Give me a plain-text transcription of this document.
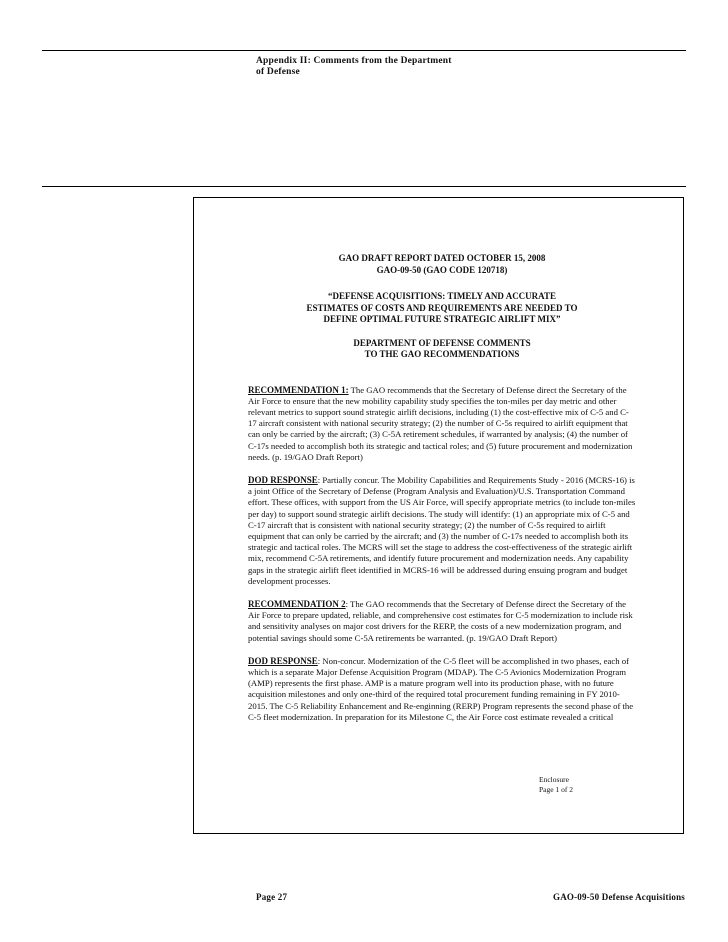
Appendix II: Comments from the Department
of Defense
GAO DRAFT REPORT DATED OCTOBER 15, 2008
GAO-09-50 (GAO CODE 120718)
“DEFENSE ACQUISITIONS: TIMELY AND ACCURATE
ESTIMATES OF COSTS AND REQUIREMENTS ARE NEEDED TO
DEFINE OPTIMAL FUTURE STRATEGIC AIRLIFT MIX”
DEPARTMENT OF DEFENSE COMMENTS
TO THE GAO RECOMMENDATIONS
RECOMMENDATION 1: The GAO recommends that the Secretary of Defense direct the Secretary of the Air Force to ensure that the new mobility capability study specifies the ton-miles per day metric and other relevant metrics to support sound strategic airlift decisions, including (1) the cost-effective mix of C-5 and C-17 aircraft consistent with national security strategy; (2) the number of C-5s required to airlift equipment that can only be carried by the aircraft; (3) C-5A retirement schedules, if warranted by analysis; (4) the number of C-17s needed to accomplish both its strategic and tactical roles; and (5) future procurement and modernization needs. (p. 19/GAO Draft Report)
DOD RESPONSE: Partially concur. The Mobility Capabilities and Requirements Study - 2016 (MCRS-16) is a joint Office of the Secretary of Defense (Program Analysis and Evaluation)/U.S. Transportation Command effort. These offices, with support from the US Air Force, will specify appropriate metrics (to include ton-miles per day) to support sound strategic airlift decisions. The study will identify: (1) an appropriate mix of C-5 and C-17 aircraft that is consistent with national security strategy; (2) the number of C-5s required to airlift equipment that can only be carried by the aircraft; and (3) the number of C-17s needed to accomplish both its strategic and tactical roles. The MCRS will set the stage to address the cost-effectiveness of the strategic airlift mix, recommend C-5A retirements, and identify future procurement and modernization needs. Any capability gaps in the strategic airlift fleet identified in MCRS-16 will be addressed during ensuing program and budget development processes.
RECOMMENDATION 2: The GAO recommends that the Secretary of Defense direct the Secretary of the Air Force to prepare updated, reliable, and comprehensive cost estimates for C-5 modernization to include risk and sensitivity analyses on major cost drivers for the RERP, the costs of a new modernization program, and potential savings should some C-5A retirements be warranted. (p. 19/GAO Draft Report)
DOD RESPONSE: Non-concur. Modernization of the C-5 fleet will be accomplished in two phases, each of which is a separate Major Defense Acquisition Program (MDAP). The C-5 Avionics Modernization Program (AMP) represents the first phase. AMP is a mature program well into its production phase, with no future acquisition milestones and only one-third of the required total procurement funding remaining in FY 2010-2015. The C-5 Reliability Enhancement and Re-enginning (RERP) Program represents the second phase of the C-5 fleet modernization. In preparation for its Milestone C, the Air Force cost estimate revealed a critical
Enclosure
Page 1 of 2
Page 27	GAO-09-50 Defense Acquisitions
